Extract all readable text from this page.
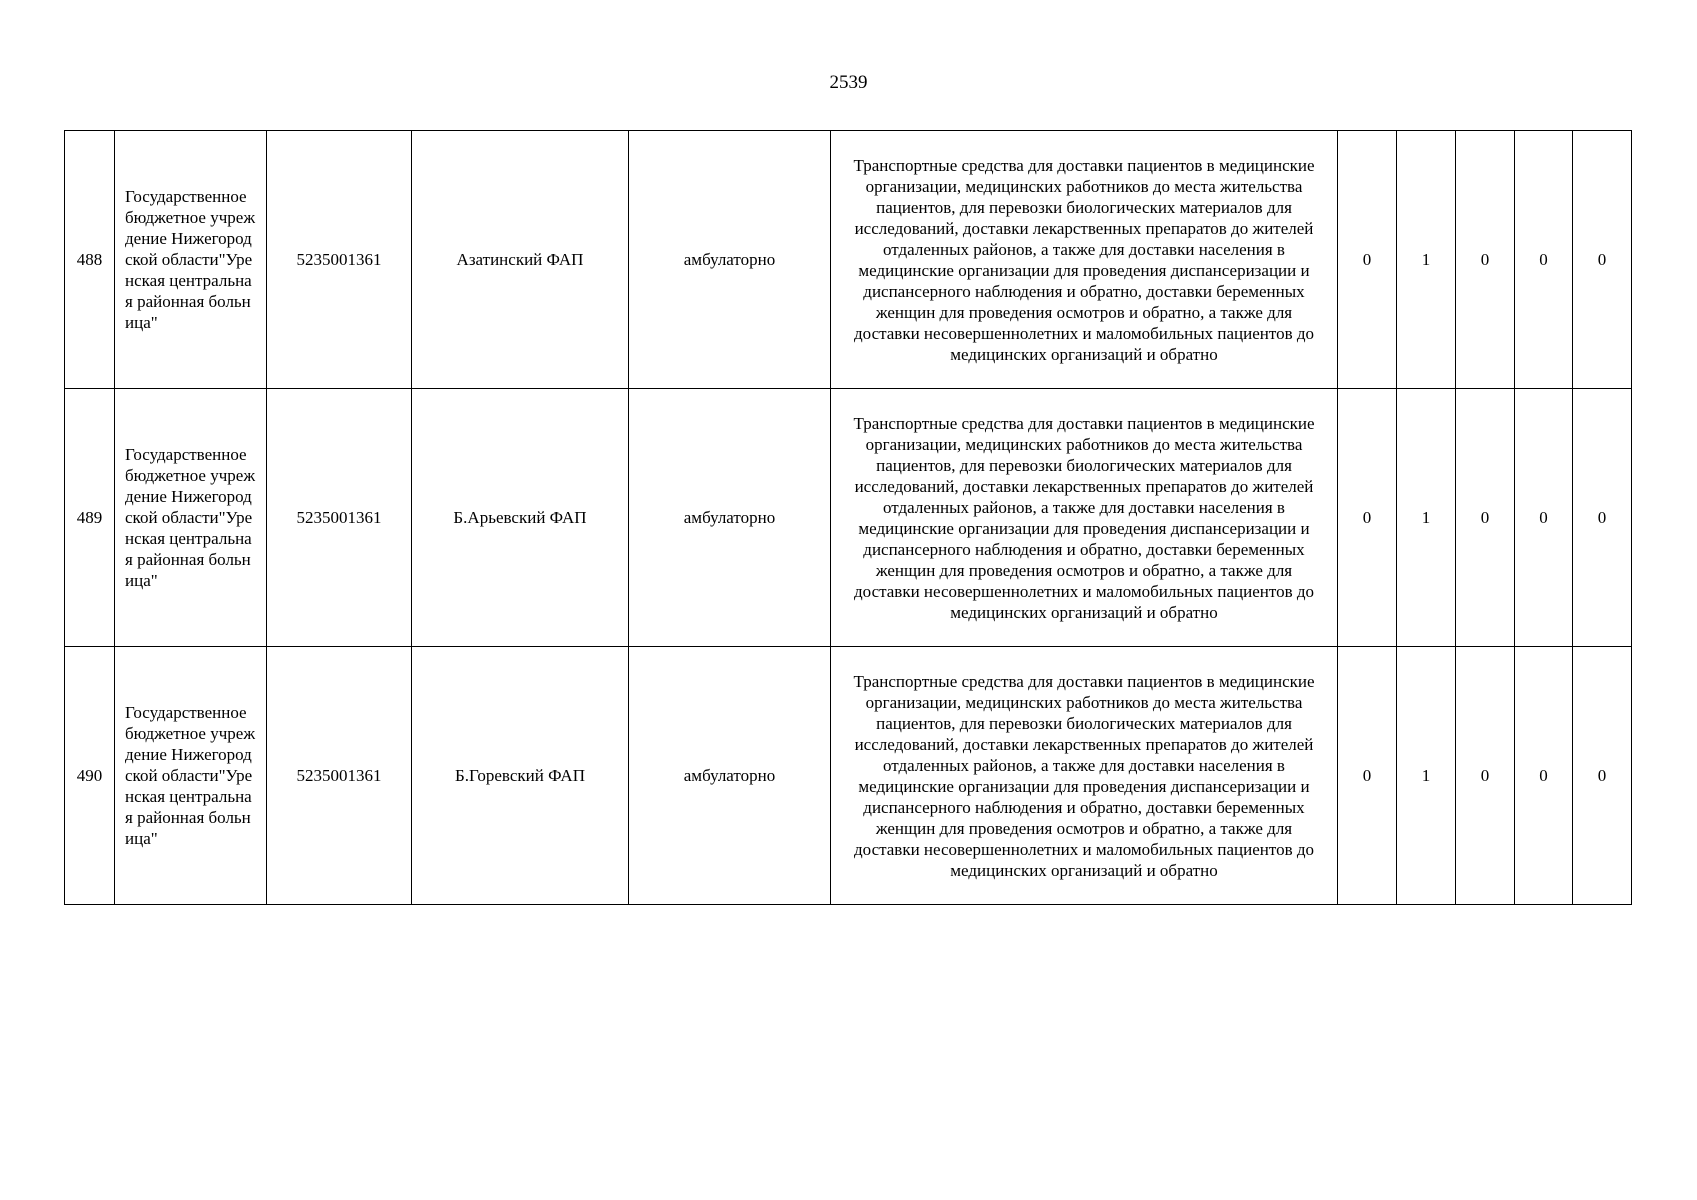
2539
488	Государственное бюджетное учреждение Нижегородской области"Уренская центральная районная больница"	5235001361	Азатинский ФАП	амбулаторно	Транспортные средства для доставки пациентов в медицинские организации, медицинских работников до места жительства пациентов, для перевозки биологических материалов для исследований, доставки лекарственных препаратов до жителей отдаленных районов, а также для доставки населения в медицинские организации для проведения диспансеризации и диспансерного наблюдения и обратно, доставки беременных женщин для проведения осмотров и обратно, а также для доставки несовершеннолетних и маломобильных пациентов до медицинских организаций и обратно	0	1	0	0	0
489	Государственное бюджетное учреждение Нижегородской области"Уренская центральная районная больница"	5235001361	Б.Арьевский ФАП	амбулаторно	Транспортные средства для доставки пациентов в медицинские организации, медицинских работников до места жительства пациентов, для перевозки биологических материалов для исследований, доставки лекарственных препаратов до жителей отдаленных районов, а также для доставки населения в медицинские организации для проведения диспансеризации и диспансерного наблюдения и обратно, доставки беременных женщин для проведения осмотров и обратно, а также для доставки несовершеннолетних и маломобильных пациентов до медицинских организаций и обратно	0	1	0	0	0
490	Государственное бюджетное учреждение Нижегородской области"Уренская центральная районная больница"	5235001361	Б.Горевский ФАП	амбулаторно	Транспортные средства для доставки пациентов в медицинские организации, медицинских работников до места жительства пациентов, для перевозки биологических материалов для исследований, доставки лекарственных препаратов до жителей отдаленных районов, а также для доставки населения в медицинские организации для проведения диспансеризации и диспансерного наблюдения и обратно, доставки беременных женщин для проведения осмотров и обратно, а также для доставки несовершеннолетних и маломобильных пациентов до медицинских организаций и обратно	0	1	0	0	0
